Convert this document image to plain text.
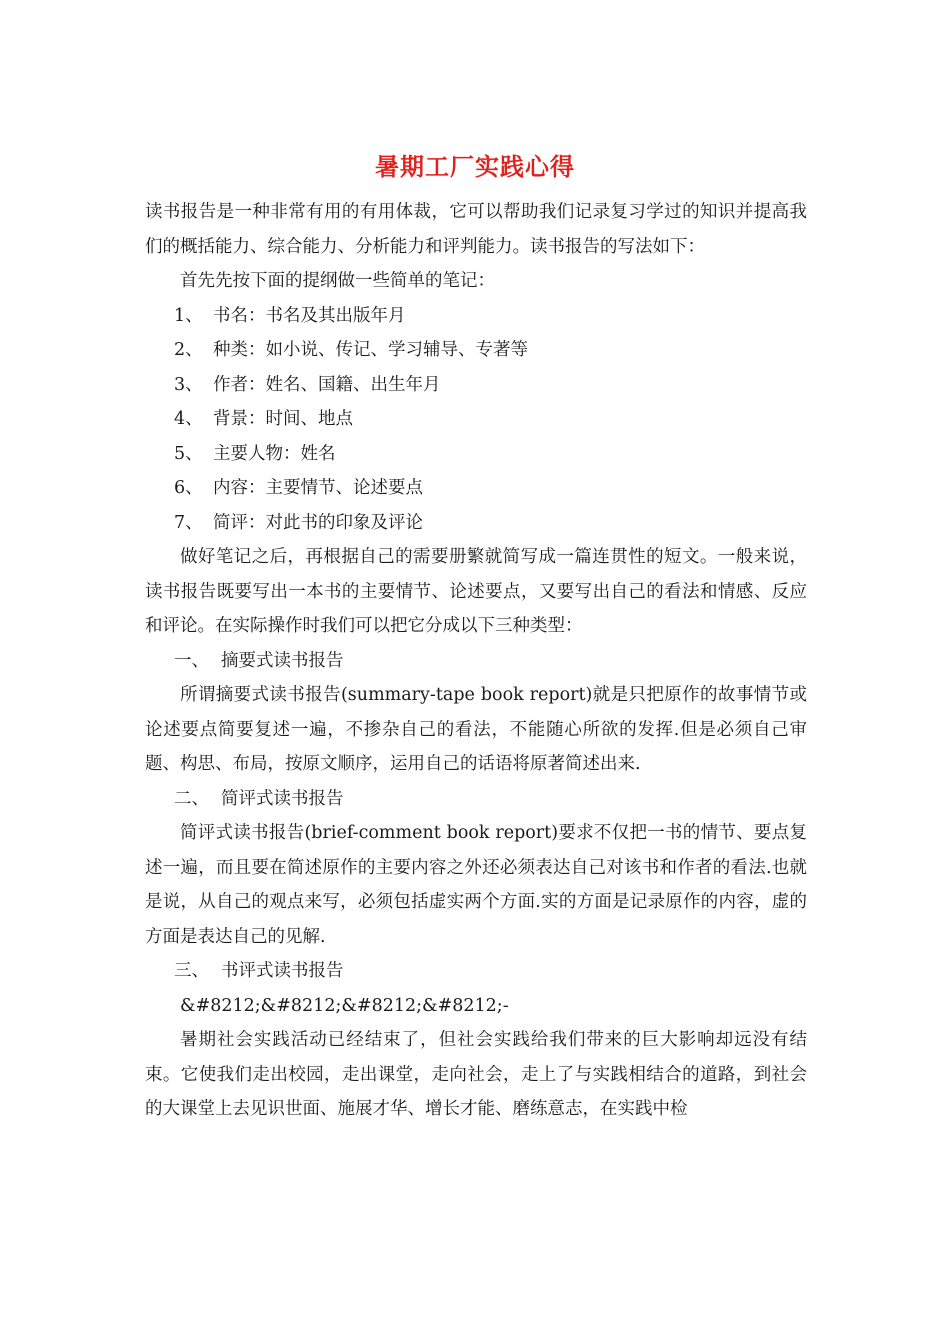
暑期工厂实践心得

读书报告是一种非常有用的有用体裁，它可以帮助我们记录复习学过的知识并提高我们的概括能力、综合能力、分析能力和评判能力。读书报告的写法如下：

首先先按下面的提纲做一些简单的笔记：

1、 书名：书名及其出版年月
2、 种类：如小说、传记、学习辅导、专著等
3、 作者：姓名、国籍、出生年月
4、 背景：时间、地点
5、 主要人物：姓名
6、 内容：主要情节、论述要点
7、 简评：对此书的印象及评论

做好笔记之后，再根据自己的需要册繁就简写成一篇连贯性的短文。一般来说，读书报告既要写出一本书的主要情节、论述要点，又要写出自己的看法和情感、反应和评论。在实际操作时我们可以把它分成以下三种类型：

一、 摘要式读书报告

所谓摘要式读书报告(summary-tape book report)就是只把原作的故事情节或论述要点简要复述一遍，不掺杂自己的看法，不能随心所欲的发挥.但是必须自己审题、构思、布局，按原文顺序，运用自己的话语将原著简述出来.

二、 简评式读书报告

简评式读书报告(brief-comment book report)要求不仅把一书的情节、要点复述一遍，而且要在简述原作的主要内容之外还必须表达自己对该书和作者的看法.也就是说，从自己的观点来写，必须包括虚实两个方面.实的方面是记录原作的内容，虚的方面是表达自己的见解.

三、 书评式读书报告

&#8212;&#8212;&#8212;&#8212;-

暑期社会实践活动已经结束了，但社会实践给我们带来的巨大影响却远没有结束。它使我们走出校园，走出课堂，走向社会，走上了与实践相结合的道路，到社会的大课堂上去见识世面、施展才华、增长才能、磨练意志，在实践中检
